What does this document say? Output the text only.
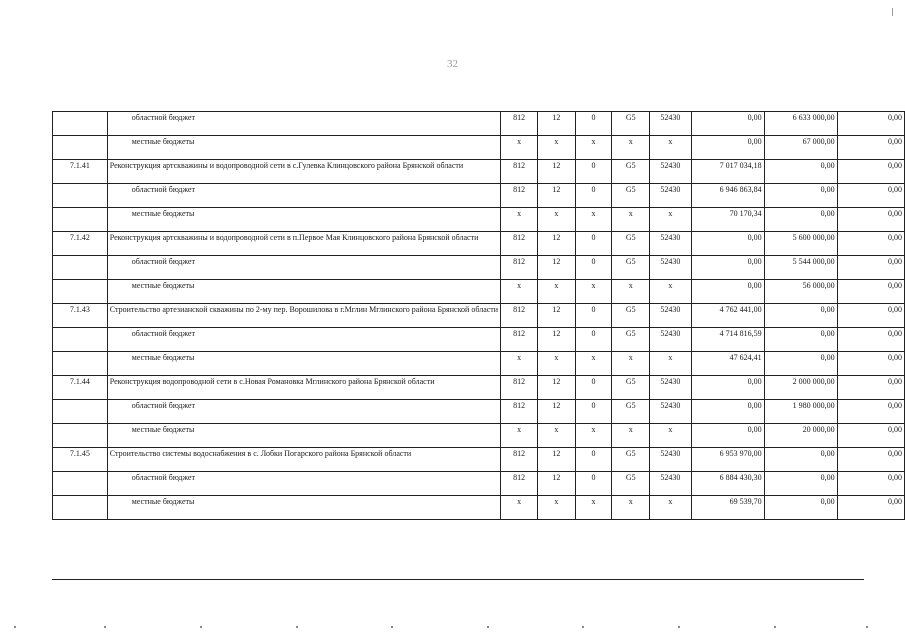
32
	областной бюджет	812	12	0	G5	52430	0,00	6 633 000,00	0,00
	местные бюджеты	х	х	х	х	х	0,00	67 000,00	0,00
7.1.41	Реконструкция артскважины и водопроводной сети в с.Гулевка Клинцовского района Брянской области	812	12	0	G5	52430	7 017 034,18	0,00	0,00
	областной бюджет	812	12	0	G5	52430	6 946 863,84	0,00	0,00
	местные бюджеты	х	х	х	х	х	70 170,34	0,00	0,00
7.1.42	Реконструкция артскважины и водопроводной сети в п.Первое Мая Клинцовского района Брянской области	812	12	0	G5	52430	0,00	5 600 000,00	0,00
	областной бюджет	812	12	0	G5	52430	0,00	5 544 000,00	0,00
	местные бюджеты	х	х	х	х	х	0,00	56 000,00	0,00
7.1.43	Строительство артезианской скважины по 2-му пер. Ворошилова в г.Мглин Мглинского района Брянской области	812	12	0	G5	52430	4 762 441,00	0,00	0,00
	областной бюджет	812	12	0	G5	52430	4 714 816,59	0,00	0,00
	местные бюджеты	х	х	х	х	х	47 624,41	0,00	0,00
7.1.44	Реконструкция водопроводной сети в с.Новая Романовка Мглинского района Брянской области	812	12	0	G5	52430	0,00	2 000 000,00	0,00
	областной бюджет	812	12	0	G5	52430	0,00	1 980 000,00	0,00
	местные бюджеты	х	х	х	х	х	0,00	20 000,00	0,00
7.1.45	Строительство системы водоснабжения в с. Лобки Погарского района Брянской области	812	12	0	G5	52430	6 953 970,00	0,00	0,00
	областной бюджет	812	12	0	G5	52430	6 884 430,30	0,00	0,00
	местные бюджеты	х	х	х	х	х	69 539,70	0,00	0,00
